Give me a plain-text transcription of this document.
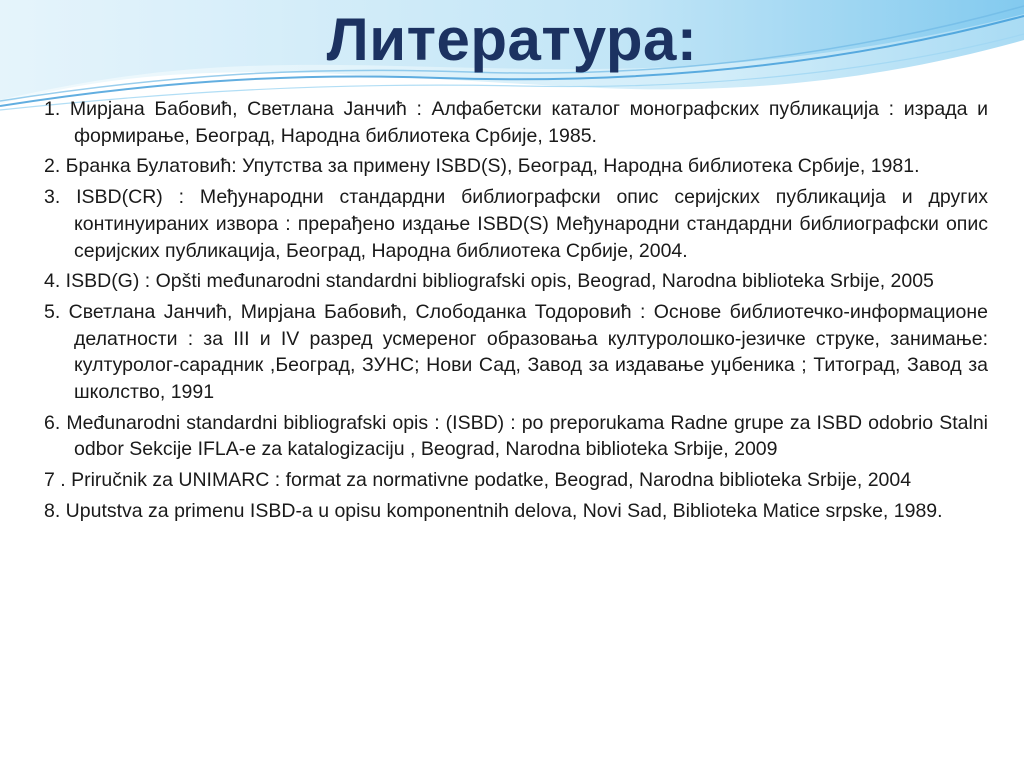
Литература:
1. Мирјана Бабовић, Светлана Јанчић : Алфабетски каталог монографских публикација : израда и формирање, Београд, Народна библиотека Србије, 1985.
2. Бранка Булатовић: Упутства за примену ISBD(S), Београд, Народна библиотека Србије, 1981.
3. ISBD(CR) : Међународни стандардни библиографски опис серијских публикација и других континуираних извора : прерађено издање ISBD(S) Међународни стандардни библиографски опис серијских публикација, Београд, Народна библиотека Србије, 2004.
4. ISBD(G) : Opšti međunarodni standardni bibliografski opis, Beograd, Narodna biblioteka Srbije, 2005
5. Светлана Јанчић, Мирјана Бабовић, Слободанка Тодоровић : Основе библиотечко-информационе делатности : за III и IV разред усмереног образовања културолошко-језичке струке, занимање: културолог-сарадник ,Београд, ЗУНС; Нови Сад, Завод за издавање уџбеника ; Титоград, Завод за школство, 1991
6. Međunarodni standardni bibliografski opis : (ISBD) : po preporukama Radne grupe za ISBD odobrio Stalni odbor Sekcije IFLA-e za katalogizaciju , Beograd, Narodna biblioteka Srbije, 2009
7 . Priručnik za UNIMARC : format za normativne podatke, Beograd, Narodna biblioteka Srbije, 2004
8. Uputstva za primenu ISBD-a u opisu komponentnih delova, Novi Sad, Biblioteka Matice srpske, 1989.
